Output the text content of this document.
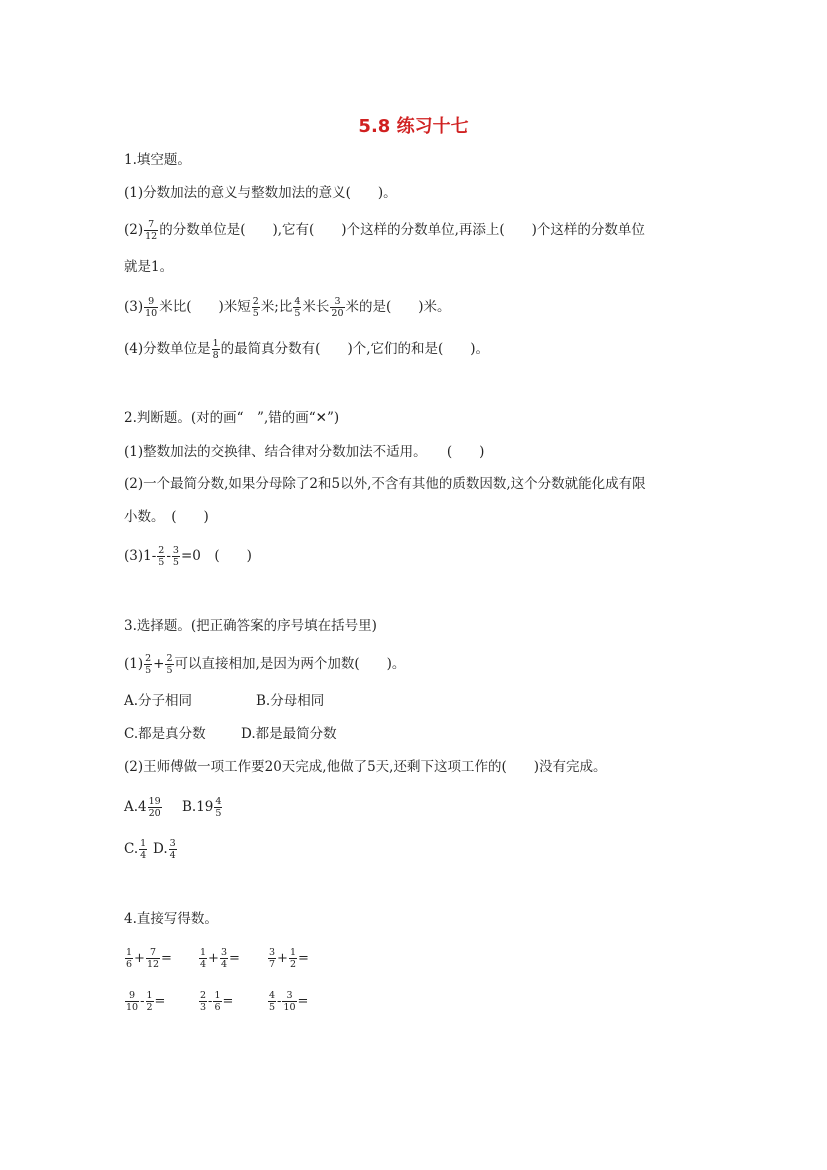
5.8 练习十七
1.填空题。
(1)分数加法的意义与整数加法的意义(　　)。
$(2) \frac{7}{12}$ 的分数单位是(　　),它有(　　)个这样的分数单位,再添上(　　)个这样的分数单位
就是1。
$(3) \frac{9}{10}$ 米比(　　)米短 $\frac{2}{5}$ 米;比 $\frac{4}{5}$ 米长 $\frac{3}{20}$ 米的是(　　)米。
(4)分数单位是 $\frac{1}{8}$ 的最简真分数有(　　)个,它们的和是(　　)。
2.判断题。(对的画“　”,错的画“✕”)
(1)整数加法的交换律、结合律对分数加法不适用。　　(　　)
(2)一个最简分数,如果分母除了2和5以外,不含有其他的质数因数,这个分数就能化成有限
小数。　(　　)
$(3)1- \frac{2}{5} - \frac{3}{5} =0$　(　　)
3.选择题。(把正确答案的序号填在括号里)
$(1) \frac{2}{5} + \frac{2}{5}$ 可以直接相加,是因为两个加数(　　)。
A.分子相同	B.分母相同
C.都是真分数	D.都是最简分数
(2)王师傅做一项工作要20天完成,他做了5天,还剩下这项工作的(　　)没有完成。
$A.4 \frac{19}{20} B.19 \frac{4}{5}$
C. $\frac{1}{4} D$. $\frac{3}{4}$
4.直接写得数。
$\frac{1}{6} + \frac{7}{12}$ =	$\frac{1}{4} + \frac{3}{4}$ =	$\frac{3}{7} + \frac{1}{2}$ =
$\frac{9}{10} - \frac{1}{2}$ =	$\frac{2}{3} - \frac{1}{6}$ =	$\frac{4}{5} - \frac{3}{10}$ =
